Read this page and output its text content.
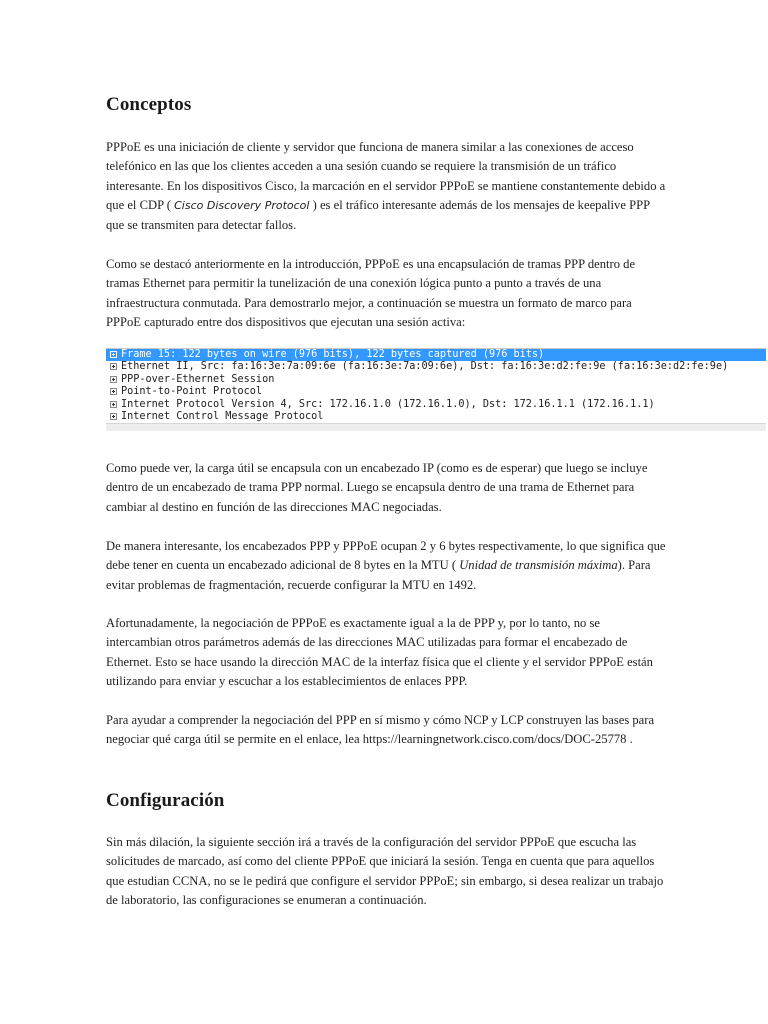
Conceptos

PPPoE es una iniciación de cliente y servidor que funciona de manera similar a las conexiones de acceso telefónico en las que los clientes acceden a una sesión cuando se requiere la transmisión de un tráfico interesante. En los dispositivos Cisco, la marcación en el servidor PPPoE se mantiene constantemente debido a que el CDP ( Cisco Discovery Protocol ) es el tráfico interesante además de los mensajes de keepalive PPP que se transmiten para detectar fallos.

Como se destacó anteriormente en la introducción, PPPoE es una encapsulación de tramas PPP dentro de tramas Ethernet para permitir la tunelización de una conexión lógica punto a punto a través de una infraestructura conmutada. Para demostrarlo mejor, a continuación se muestra un formato de marco para PPPoE capturado entre dos dispositivos que ejecutan una sesión activa:

Frame 15: 122 bytes on wire (976 bits), 122 bytes captured (976 bits)
Ethernet II, Src: fa:16:3e:7a:09:6e (fa:16:3e:7a:09:6e), Dst: fa:16:3e:d2:fe:9e (fa:16:3e:d2:fe:9e)
PPP-over-Ethernet Session
Point-to-Point Protocol
Internet Protocol Version 4, Src: 172.16.1.0 (172.16.1.0), Dst: 172.16.1.1 (172.16.1.1)
Internet Control Message Protocol

Como puede ver, la carga útil se encapsula con un encabezado IP (como es de esperar) que luego se incluye dentro de un encabezado de trama PPP normal. Luego se encapsula dentro de una trama de Ethernet para cambiar al destino en función de las direcciones MAC negociadas.

De manera interesante, los encabezados PPP y PPPoE ocupan 2 y 6 bytes respectivamente, lo que significa que debe tener en cuenta un encabezado adicional de 8 bytes en la MTU ( Unidad de transmisión máxima). Para evitar problemas de fragmentación, recuerde configurar la MTU en 1492.

Afortunadamente, la negociación de PPPoE es exactamente igual a la de PPP y, por lo tanto, no se intercambian otros parámetros además de las direcciones MAC utilizadas para formar el encabezado de Ethernet. Esto se hace usando la dirección MAC de la interfaz física que el cliente y el servidor PPPoE están utilizando para enviar y escuchar a los establecimientos de enlaces PPP.

Para ayudar a comprender la negociación del PPP en sí mismo y cómo NCP y LCP construyen las bases para negociar qué carga útil se permite en el enlace, lea https://learningnetwork.cisco.com/docs/DOC-25778 .

Configuración

Sin más dilación, la siguiente sección irá a través de la configuración del servidor PPPoE que escucha las solicitudes de marcado, así como del cliente PPPoE que iniciará la sesión. Tenga en cuenta que para aquellos que estudian CCNA, no se le pedirá que configure el servidor PPPoE; sin embargo, si desea realizar un trabajo de laboratorio, las configuraciones se enumeran a continuación.
